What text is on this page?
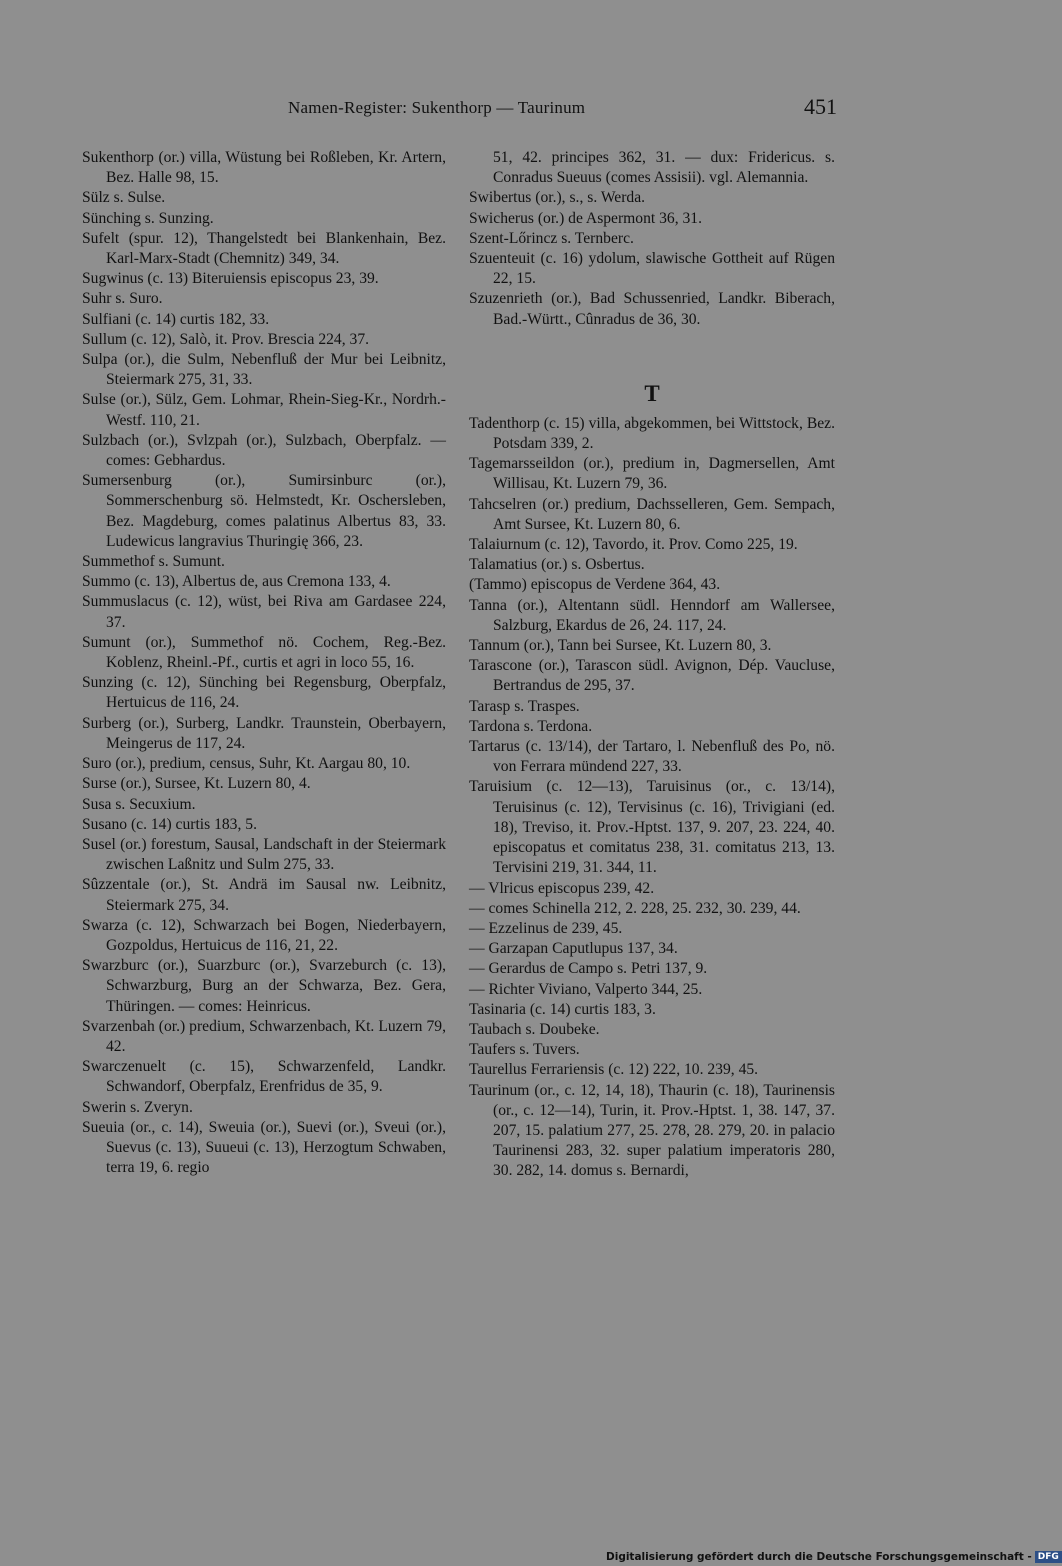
Namen-Register: Sukenthorp — Taurinum	451

Sukenthorp (or.) villa, Wüstung bei Roßleben, Kr. Artern, Bez. Halle 98, 15.

Sülz s. Sulse.

Sünching s. Sunzing.

Sufelt (spur. 12), Thangelstedt bei Blankenhain, Bez. Karl-Marx-Stadt (Chemnitz) 349, 34.

Sugwinus (c. 13) Biteruiensis episcopus 23, 39.

Suhr s. Suro.

Sulfiani (c. 14) curtis 182, 33.

Sullum (c. 12), Salò, it. Prov. Brescia 224, 37.

Sulpa (or.), die Sulm, Nebenfluß der Mur bei Leibnitz, Steiermark 275, 31, 33.

Sulse (or.), Sülz, Gem. Lohmar, Rhein-Sieg-Kr., Nordrh.-Westf. 110, 21.

Sulzbach (or.), Svlzpah (or.), Sulzbach, Oberpfalz. — comes: Gebhardus.

Sumersenburg (or.), Sumirsinburc (or.), Sommerschenburg sö. Helmstedt, Kr. Oschersleben, Bez. Magdeburg, comes palatinus Albertus 83, 33. Ludewicus langravius Thuringię 366, 23.

Summethof s. Sumunt.

Summo (c. 13), Albertus de, aus Cremona 133, 4.

Summuslacus (c. 12), wüst, bei Riva am Gardasee 224, 37.

Sumunt (or.), Summethof nö. Cochem, Reg.-Bez. Koblenz, Rheinl.-Pf., curtis et agri in loco 55, 16.

Sunzing (c. 12), Sünching bei Regensburg, Oberpfalz, Hertuicus de 116, 24.

Surberg (or.), Surberg, Landkr. Traunstein, Oberbayern, Meingerus de 117, 24.

Suro (or.), predium, census, Suhr, Kt. Aargau 80, 10.

Surse (or.), Sursee, Kt. Luzern 80, 4.

Susa s. Secuxium.

Susano (c. 14) curtis 183, 5.

Susel (or.) forestum, Sausal, Landschaft in der Steiermark zwischen Laßnitz und Sulm 275, 33.

Sûzzentale (or.), St. Andrä im Sausal nw. Leibnitz, Steiermark 275, 34.

Swarza (c. 12), Schwarzach bei Bogen, Niederbayern, Gozpoldus, Hertuicus de 116, 21, 22.

Swarzburc (or.), Suarzburc (or.), Svarzeburch (c. 13), Schwarzburg, Burg an der Schwarza, Bez. Gera, Thüringen. — comes: Heinricus.

Svarzenbah (or.) predium, Schwarzenbach, Kt. Luzern 79, 42.

Swarczenuelt (c. 15), Schwarzenfeld, Landkr. Schwandorf, Oberpfalz, Erenfridus de 35, 9.

Swerin s. Zveryn.

Sueuia (or., c. 14), Sweuia (or.), Suevi (or.), Sveui (or.), Suevus (c. 13), Suueui (c. 13), Herzogtum Schwaben, terra 19, 6. regio

51, 42. principes 362, 31. — dux: Fridericus. s. Conradus Sueuus (comes Assisii). vgl. Alemannia.

Swibertus (or.), s., s. Werda.

Swicherus (or.) de Aspermont 36, 31.

Szent-Lőrincz s. Ternberc.

Szuenteuit (c. 16) ydolum, slawische Gottheit auf Rügen 22, 15.

Szuzenrieth (or.), Bad Schussenried, Landkr. Biberach, Bad.-Württ., Cûnradus de 36, 30.

T

Tadenthorp (c. 15) villa, abgekommen, bei Wittstock, Bez. Potsdam 339, 2.

Tagemarsseildon (or.), predium in, Dagmersellen, Amt Willisau, Kt. Luzern 79, 36.

Tahcselren (or.) predium, Dachsselleren, Gem. Sempach, Amt Sursee, Kt. Luzern 80, 6.

Talaiurnum (c. 12), Tavordo, it. Prov. Como 225, 19.

Talamatius (or.) s. Osbertus.

(Tammo) episcopus de Verdene 364, 43.

Tanna (or.), Altentann südl. Henndorf am Wallersee, Salzburg, Ekardus de 26, 24. 117, 24.

Tannum (or.), Tann bei Sursee, Kt. Luzern 80, 3.

Tarascone (or.), Tarascon südl. Avignon, Dép. Vaucluse, Bertrandus de 295, 37.

Tarasp s. Traspes.

Tardona s. Terdona.

Tartarus (c. 13/14), der Tartaro, l. Nebenfluß des Po, nö. von Ferrara mündend 227, 33.

Taruisium (c. 12—13), Taruisinus (or., c. 13/14), Teruisinus (c. 12), Tervisinus (c. 16), Trivigiani (ed. 18), Treviso, it. Prov.-Hptst. 137, 9. 207, 23. 224, 40. episcopatus et comitatus 238, 31. comitatus 213, 13. Tervisini 219, 31. 344, 11.

— Vlricus episcopus 239, 42.

— comes Schinella 212, 2. 228, 25. 232, 30. 239, 44.

— Ezzelinus de 239, 45.

— Garzapan Caputlupus 137, 34.

— Gerardus de Campo s. Petri 137, 9.

— Richter Viviano, Valperto 344, 25.

Tasinaria (c. 14) curtis 183, 3.

Taubach s. Doubeke.

Taufers s. Tuvers.

Taurellus Ferrariensis (c. 12) 222, 10. 239, 45.

Taurinum (or., c. 12, 14, 18), Thaurin (c. 18), Taurinensis (or., c. 12—14), Turin, it. Prov.-Hptst. 1, 38. 147, 37. 207, 15. palatium 277, 25. 278, 28. 279, 20. in palacio Taurinensi 283, 32. super palatium imperatoris 280, 30. 282, 14. domus s. Bernardi,

Digitalisierung gefördert durch die Deutsche Forschungsgemeinschaft - DFG
